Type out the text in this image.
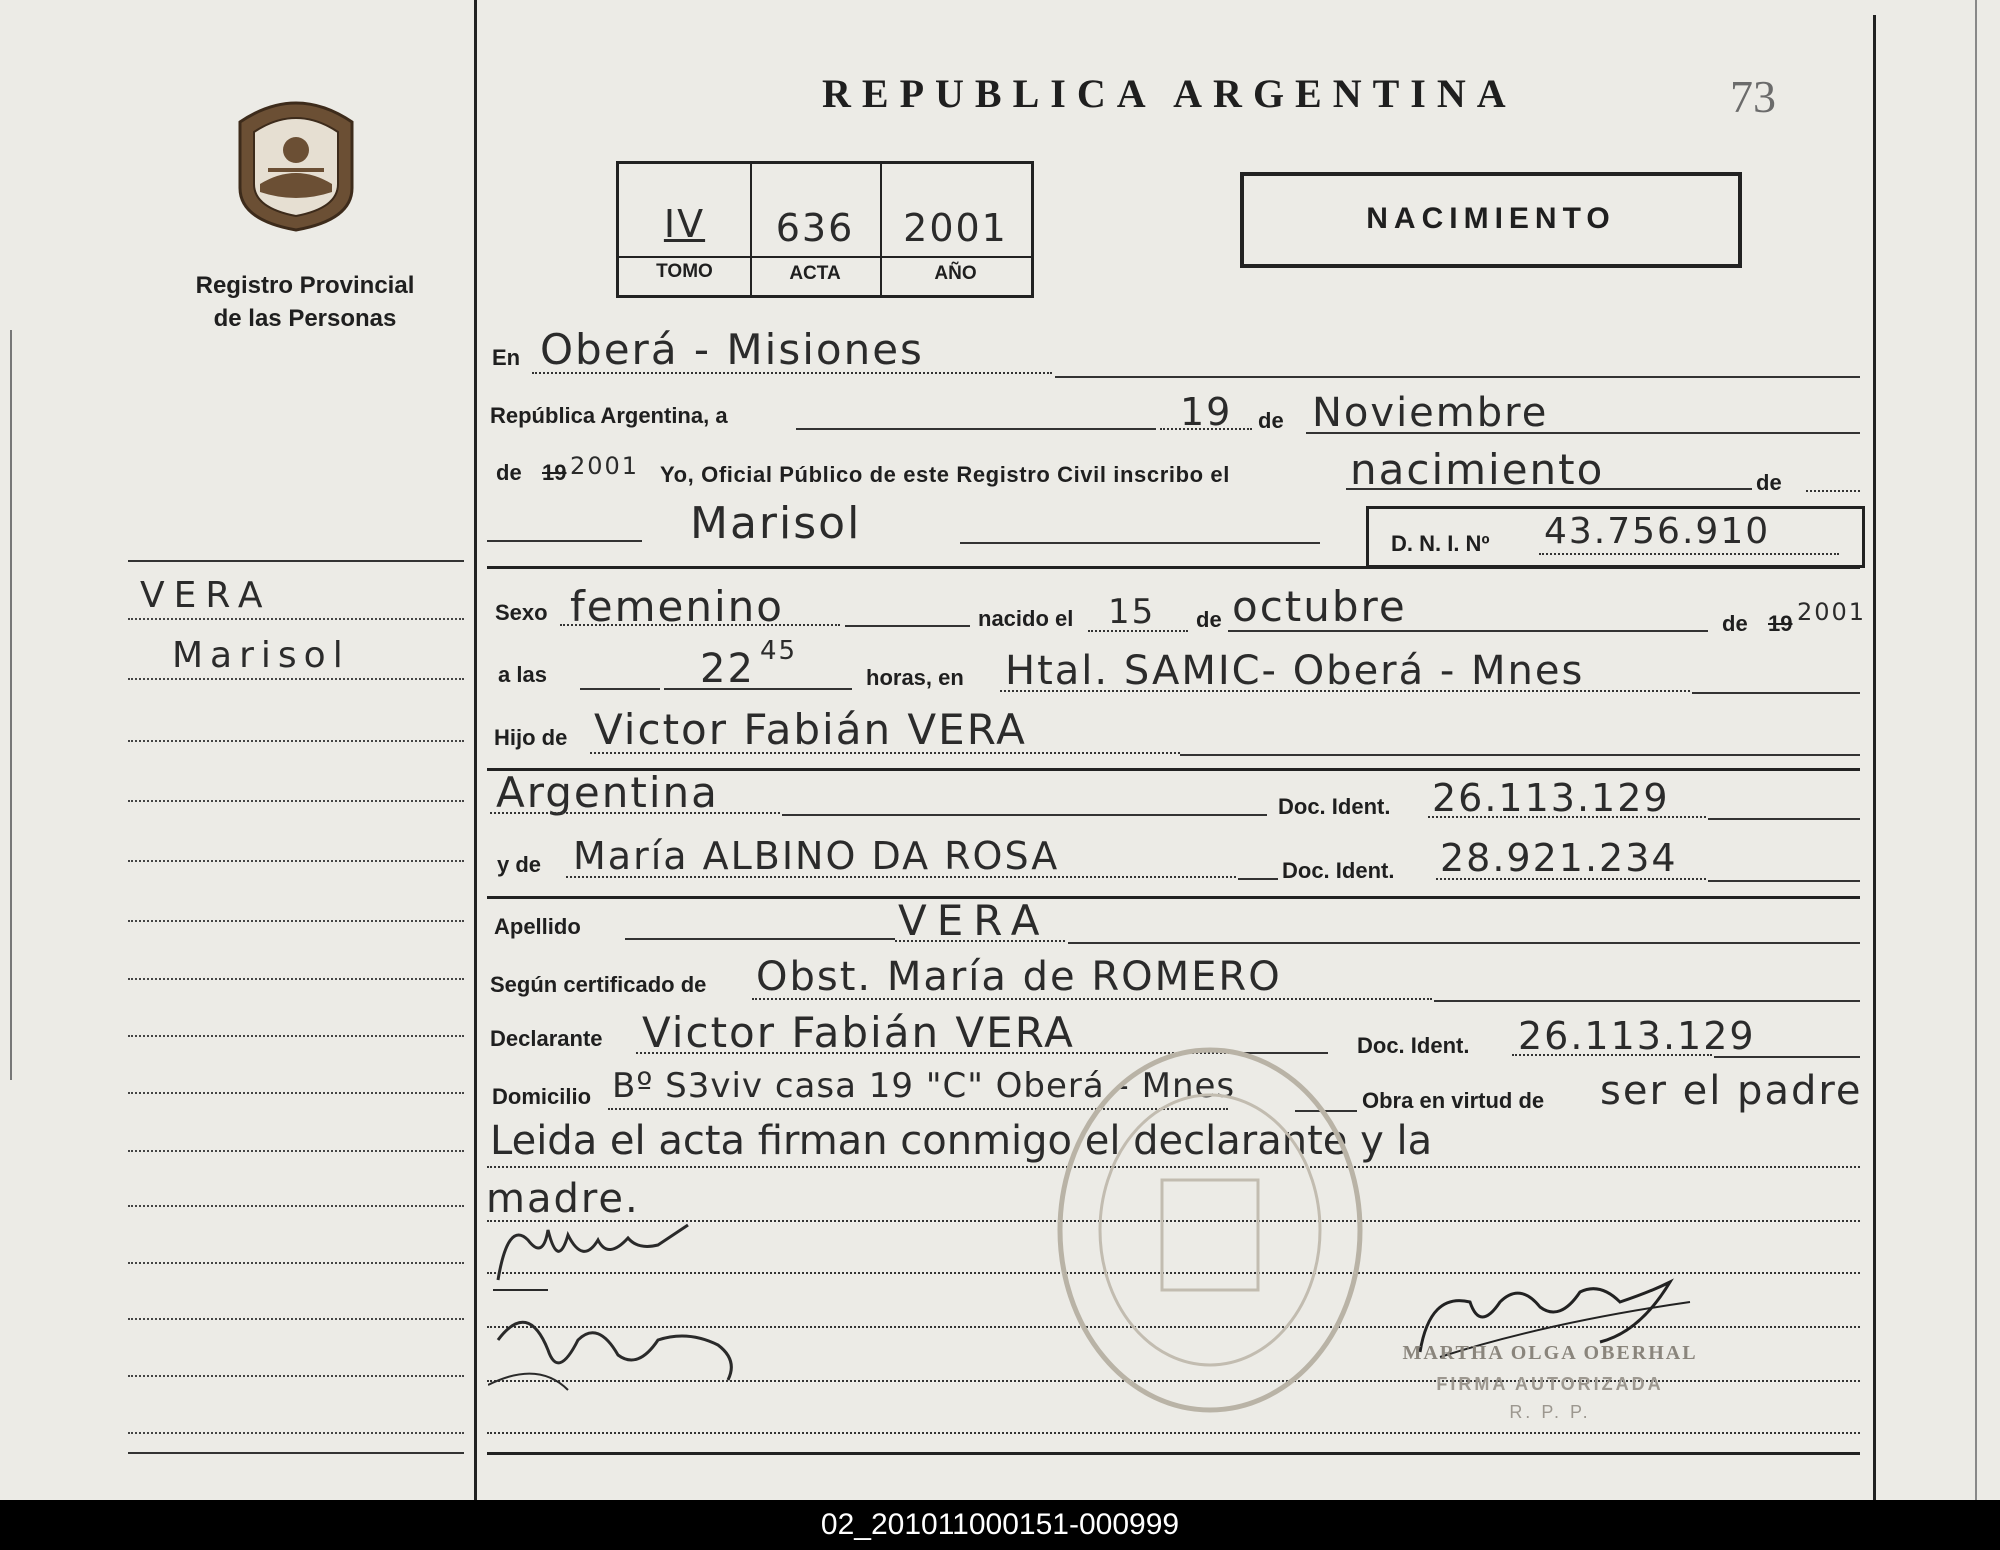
REPUBLICA ARGENTINA	73
Registro Provincial
de las Personas
IV	636	2001
TOMO	ACTA	AÑO
NACIMIENTO
VERA
Marisol
En Oberá - Misiones
República Argentina, a	19 de Noviembre
de 19 2001 Yo, Oficial Público de este Registro Civil inscribo el	nacimiento	de
Marisol	D. N. I. Nº 43.756.910
Sexo femenino	nacido el 15 de octubre	de 19 2001
a las	22 45
horas, en Htal. SAMIC- Oberá - Mnes
Hijo de Victor Fabián VERA
Argentina	Doc. Ident. 26.113.129
y de María ALBINO DA ROSA	Doc. Ident. 28.921.234
Apellido	VERA
Según certificado de Obst. María de ROMERO
Declarante Victor Fabián VERA	Doc. Ident. 26.113.129
Domicilio Bº S3viv casa 19 "C" Oberá - Mnes	Obra en virtud de ser el padre
Leida el acta firman conmigo el declarante y la
madre.
MARTHA OLGA OBERHAL
FIRMA AUTORIZADA
R. P. P.
02_201011000151-000999
